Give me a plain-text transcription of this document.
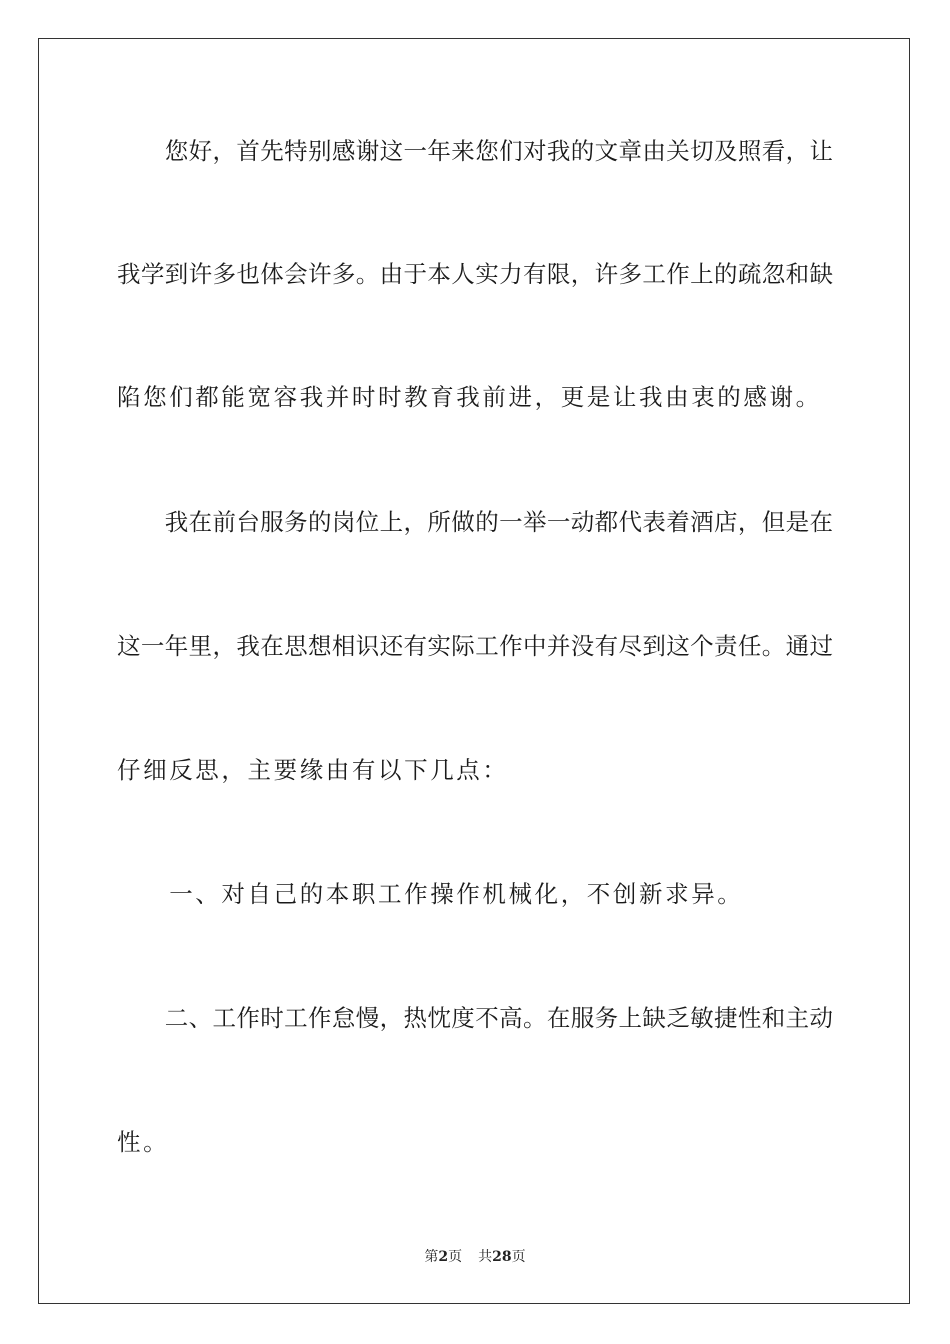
　　您好，首先特别感谢这一年来您们对我的文章由关切及照看，让
我学到许多也体会许多。由于本人实力有限，许多工作上的疏忽和缺
陷您们都能宽容我并时时教育我前进，更是让我由衷的感谢。
　　我在前台服务的岗位上，所做的一举一动都代表着酒店，但是在
这一年里，我在思想相识还有实际工作中并没有尽到这个责任。通过
仔细反思，主要缘由有以下几点：
　　一、对自己的本职工作操作机械化，不创新求异。
　　二、工作时工作怠慢，热忱度不高。在服务上缺乏敏捷性和主动
性。
第2页 共28页
